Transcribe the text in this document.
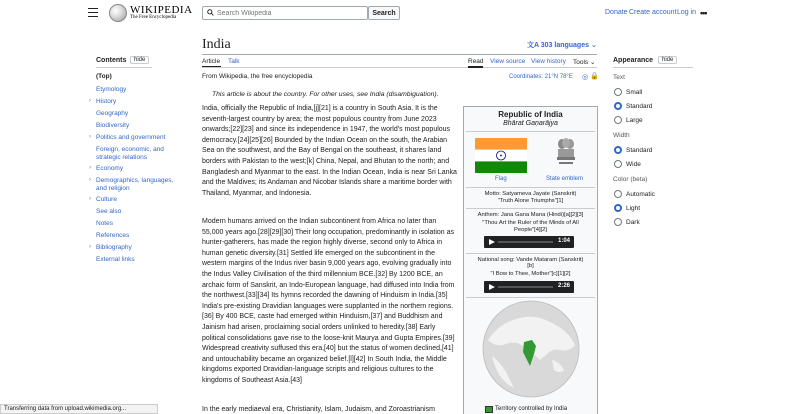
WIKIPEDIA
The Free Encyclopedia
Search Wikipedia
Search	Donate Create account Log in •••
Contents	hide
(Top)
Etymology
› History
Geography
Biodiversity
› Politics and government
Foreign, economic, and strategic relations
› Economy
› Demographics, languages, and religion
› Culture
See also
Notes
References
› Bibliography
External links
India	文A 303 languages ⌄
Article Talk	Read View source View history Tools ⌄
From Wikipedia, the free encyclopedia	Coordinates: 21°N 78°E ◎ 🔒
This article is about the country. For other uses, see India (disambiguation).
India, officially the Republic of India,[j][21] is a country in South Asia. It is the seventh-largest country by area; the most populous country from June 2023 onwards;[22][23] and since its independence in 1947, the world's most populous democracy.[24][25][26] Bounded by the Indian Ocean on the south, the Arabian Sea on the southwest, and the Bay of Bengal on the southeast, it shares land borders with Pakistan to the west;[k] China, Nepal, and Bhutan to the north; and Bangladesh and Myanmar to the east. In the Indian Ocean, India is near Sri Lanka and the Maldives; its Andaman and Nicobar Islands share a maritime border with Thailand, Myanmar, and Indonesia.
Modern humans arrived on the Indian subcontinent from Africa no later than 55,000 years ago.[28][29][30] Their long occupation, predominantly in isolation as hunter-gatherers, has made the region highly diverse, second only to Africa in human genetic diversity.[31] Settled life emerged on the subcontinent in the western margins of the Indus river basin 9,000 years ago, evolving gradually into the Indus Valley Civilisation of the third millennium BCE.[32] By 1200 BCE, an archaic form of Sanskrit, an Indo-European language, had diffused into India from the northwest.[33][34] Its hymns recorded the dawning of Hinduism in India.[35] India's pre-existing Dravidian languages were supplanted in the northern regions.[36] By 400 BCE, caste had emerged within Hinduism,[37] and Buddhism and Jainism had arisen, proclaiming social orders unlinked to heredity.[38] Early political consolidations gave rise to the loose-knit Maurya and Gupta Empires.[39] Widespread creativity suffused this era,[40] but the status of women declined,[41] and untouchability became an organized belief.[l][42] In South India, the Middle kingdoms exported Dravidian-language scripts and religious cultures to the kingdoms of Southeast Asia.[43]
In the early mediaeval era, Christianity, Islam, Judaism, and Zoroastrianism
Republic of India
Bhārat Gaṇarājya
Flag	State emblem
Motto: Satyameva Jayate (Sanskrit)
"Truth Alone Triumphs"[1]
Anthem: Jana Gana Mana (Hindi)[a][2][3]
"Thou Art the Ruler of the Minds of All People"[4][2]
1:04
National song: Vande Mataram (Sanskrit)
[b]
"I Bow to Thee, Mother"[c][1][2]
2:26
Territory controlled by India
Appearance	hide
Text
Small
Standard
Large
Width
Standard
Wide
Color (beta)
Automatic
Light
Dark
Transferring data from upload.wikimedia.org...
